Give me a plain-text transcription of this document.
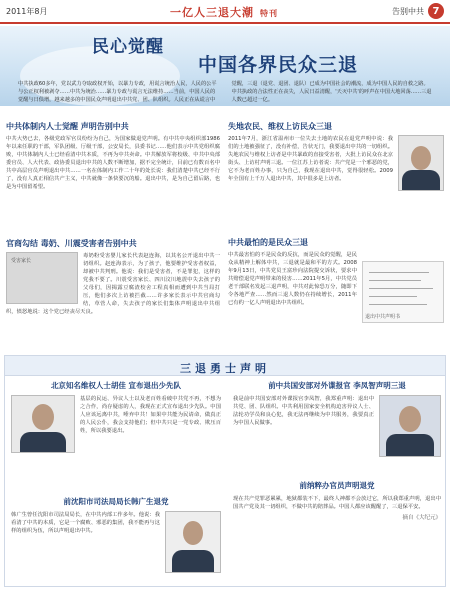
2011年8月	一亿人三退大潮 特刊	告别中共 7
民心觉醒
中国各界民众三退
中共执政60多年，党以武力夺取政权开始，以暴力专政，用谎言统治人民，人民的公平与公正权利被剥夺……中共为统治……暴力专政与谎言无法维持……当前，中国人民的觉醒与日俱增，越来越多的中国民众声明退出中共党、团、队组织。人民正在从谎言中觉醒，三退（退党、退团、退队）已成为中国社会的潮流，成为中国人民的自救之路。中共执政的合法性正在丧失，人民日益清醒，'天灭中共'的呼声在中国大地回荡……三退人数已超过一亿。
中共体制内人士觉醒 声明告别中共
中共大势已去，各级党政军官员纷纷为自己，为国家做退党声明。有中共中央组织部1986年以来任职的干部，军队团级、厅级干部，公安局长，县委书记……他们表示中共党组织腐败，中共体制内人士已经看清中共本质，不再为中共卖命。中共解放军将校级、中共中央部委官员、人大代表、政协委员退出中共的人数不断增加，据不完全统计，目前已有数百名中共中高层官员声明退出中共……一名在体制内工作二十年的处长说：我们清楚中共已经不行了，没有人真正相信共产主义，中共就像一条快要沉的船。退出中共，是为自己留后路，也是为中国留希望。
官商勾结 毒奶、川震受害者告别中共
受害家长
毒奶粉受害婴儿家长代表赵连海，以其名公开退出中共一切组织。赵连海表示，为了孩子，他要维护受害者权益，却被中共判刑。他说：我们是受害者，不是罪犯，这样的党我不要了。川震受害家长、四川汶川地震中失去孩子的父母们，因揭露豆腐渣校舍工程真相而遭到中共当局打压，他们多次上访被拦截……许多家长表示中共官商勾结，草菅人命，失去孩子的家长们集体声明退出中共组织，愤怒地说：这个党已经丧尽天良。
失地农民、维权上访民众三退
2011年7月，浙江省温州市一位失去土地的农民在退党声明中说：我们的土地被强征了，没有补偿，告状无门，我要退出中共的一切组织。失地农民与维权上访者是中共暴政的直接受害者，大批上访民众在北京街头、上访村声明三退。一位江苏上访者说：共产党是一个邪恶的党，它不为老百姓办事，只为自己，我现在退出中共，觉得很轻松。2009年全国有上千万人退出中共，其中很多是上访者。
中共最怕的是民众三退
退出中共声明书
中共最害怕的不是民众的反抗，而是民众的觉醒，是民众从精神上解体中共，三退就是最和平的方式。2008年9月13日，中共党员王富珍向法院提交诉状，要求中共赔偿退党声明带来的侵害……2011年5月，中共党员老干部联名发起三退声明，中共对此惊恐万分，随即下令各地严查……然而三退人数仍在持续增长，2011年已有约一亿人声明退出中共组织。
三退勇士声明
北京知名维权人士胡佳 宣布退出少先队
基层的民运、异议人士以及老百姓看破中共党不再，不想为之合作，尚存疑虑的人，我现在正式宣布退出少先队。中国人应该远离中共，唾弃中共！如果中共能为民请命，做真正的人民公仆，我会支持他们；但中共只是一党专政、欺压百姓，所以我要退出。
前中共国安部对外谍报官 李凤智声明三退
我是前中共国安部对外谍报官李凤智，我郑重声明：退出中共党、团、队组织。中共利用国家安全机构迫害异议人士、法轮功学员和良心犯，我无法再继续为中共服务，我要真正为中国人民做事。
前沈阳市司法局局长韩广生退党
韩广生曾任沈阳市司法局局长，在中共内部工作多年。他说：我看清了中共的本质，它是一个腐败、邪恶的集团，我不能再与这样的组织为伍，所以声明退出中共。
前纳粹办官员声明退党
现在共产党罪恶累累，地狱都装不下，最终人神都不会放过它，所以我郑重声明，退出中国共产党及其一切组织，不做中共的陪葬品。中国人都应该醒醒了，三退保平安。
摘自《大纪元》
